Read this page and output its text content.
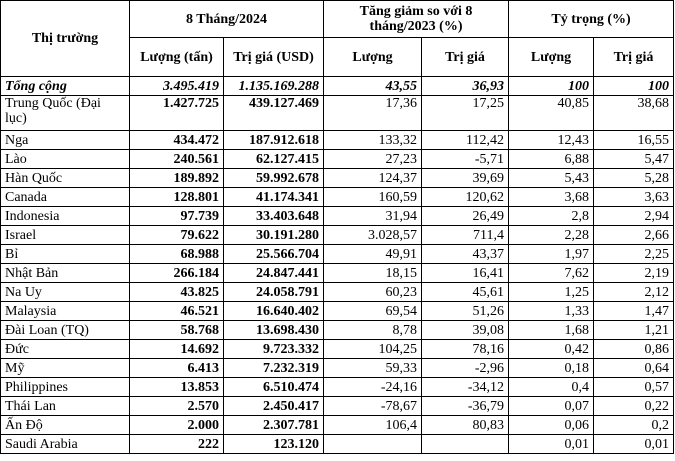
Thị trường	8 Tháng/2024		Tăng giảm so với 8 tháng/2023 (%)		Tỷ trọng (%)	
	Lượng (tấn)	Trị giá (USD)	Lượng	Trị giá	Lượng	Trị giá
Tổng cộng	3.495.419	1.135.169.288	43,55	36,93	100	100
Trung Quốc (Đại lục)	1.427.725	439.127.469	17,36	17,25	40,85	38,68
Nga	434.472	187.912.618	133,32	112,42	12,43	16,55
Lào	240.561	62.127.415	27,23	-5,71	6,88	5,47
Hàn Quốc	189.892	59.992.678	124,37	39,69	5,43	5,28
Canada	128.801	41.174.341	160,59	120,62	3,68	3,63
Indonesia	97.739	33.403.648	31,94	26,49	2,8	2,94
Israel	79.622	30.191.280	3.028,57	711,4	2,28	2,66
Bỉ	68.988	25.566.704	49,91	43,37	1,97	2,25
Nhật Bản	266.184	24.847.441	18,15	16,41	7,62	2,19
Na Uy	43.825	24.058.791	60,23	45,61	1,25	2,12
Malaysia	46.521	16.640.402	69,54	51,26	1,33	1,47
Đài Loan (TQ)	58.768	13.698.430	8,78	39,08	1,68	1,21
Đức	14.692	9.723.332	104,25	78,16	0,42	0,86
Mỹ	6.413	7.232.319	59,33	-2,96	0,18	0,64
Philippines	13.853	6.510.474	-24,16	-34,12	0,4	0,57
Thái Lan	2.570	2.450.417	-78,67	-36,79	0,07	0,22
Ấn Độ	2.000	2.307.781	106,4	80,83	0,06	0,2
Saudi Arabia	222	123.120			0,01	0,01
